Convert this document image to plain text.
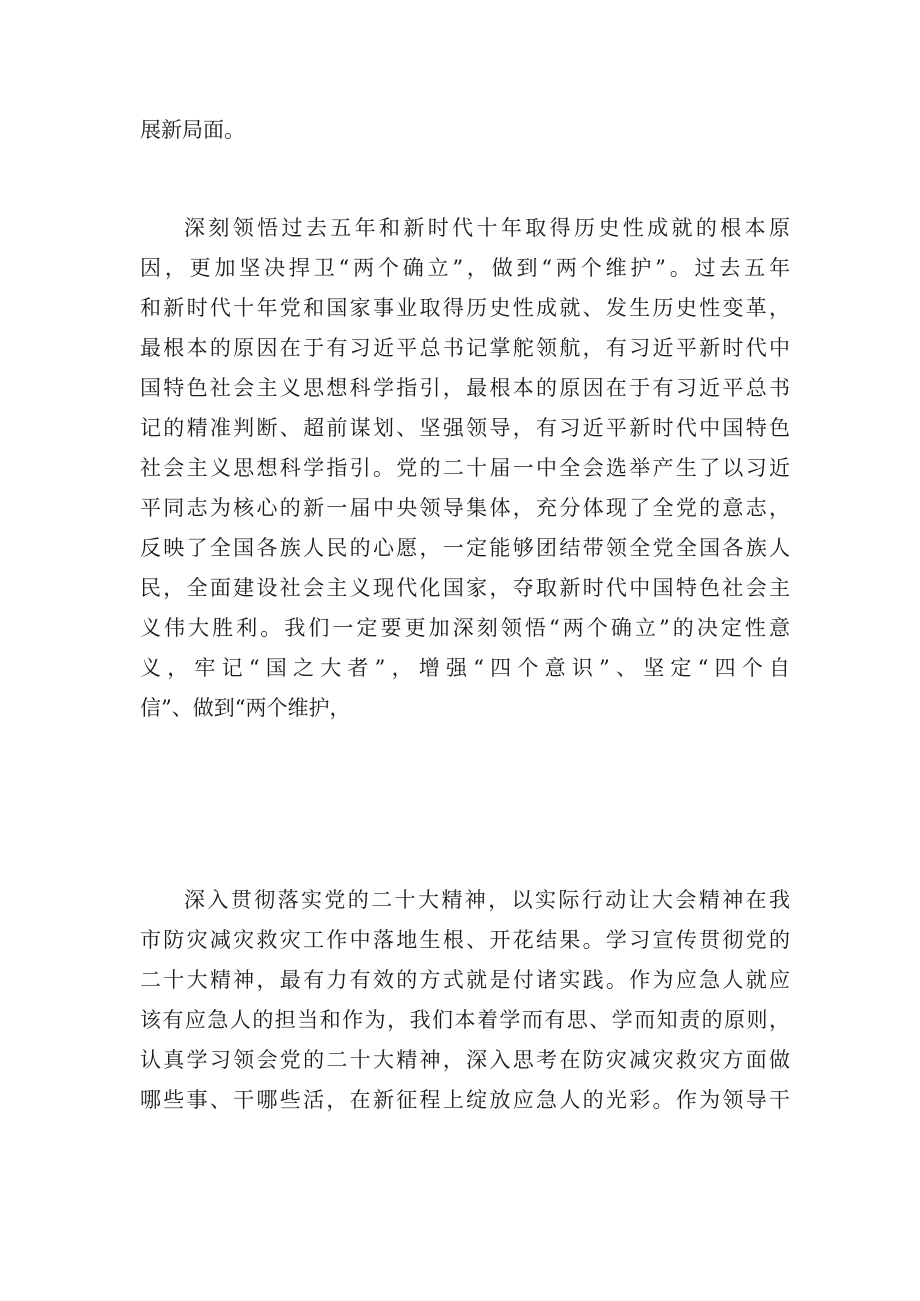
展新局面。
深刻领悟过去五年和新时代十年取得历史性成就的根本原
因，更加坚决捍卫“两个确立”，做到“两个维护”。过去五年
和新时代十年党和国家事业取得历史性成就、发生历史性变革，
最根本的原因在于有习近平总书记掌舵领航，有习近平新时代中
国特色社会主义思想科学指引，最根本的原因在于有习近平总书
记的精准判断、超前谋划、坚强领导，有习近平新时代中国特色
社会主义思想科学指引。党的二十届一中全会选举产生了以习近
平同志为核心的新一届中央领导集体，充分体现了全党的意志，
反映了全国各族人民的心愿，一定能够团结带领全党全国各族人
民，全面建设社会主义现代化国家，夺取新时代中国特色社会主
义伟大胜利。我们一定要更加深刻领悟“两个确立”的决定性意
义，牢记“国之大者”，增强“四个意识”、坚定“四个自
信”、做到“两个维护，
深入贯彻落实党的二十大精神，以实际行动让大会精神在我
市防灾减灾救灾工作中落地生根、开花结果。学习宣传贯彻党的
二十大精神，最有力有效的方式就是付诸实践。作为应急人就应
该有应急人的担当和作为，我们本着学而有思、学而知责的原则，
认真学习领会党的二十大精神，深入思考在防灾减灾救灾方面做
哪些事、干哪些活，在新征程上绽放应急人的光彩。作为领导干
